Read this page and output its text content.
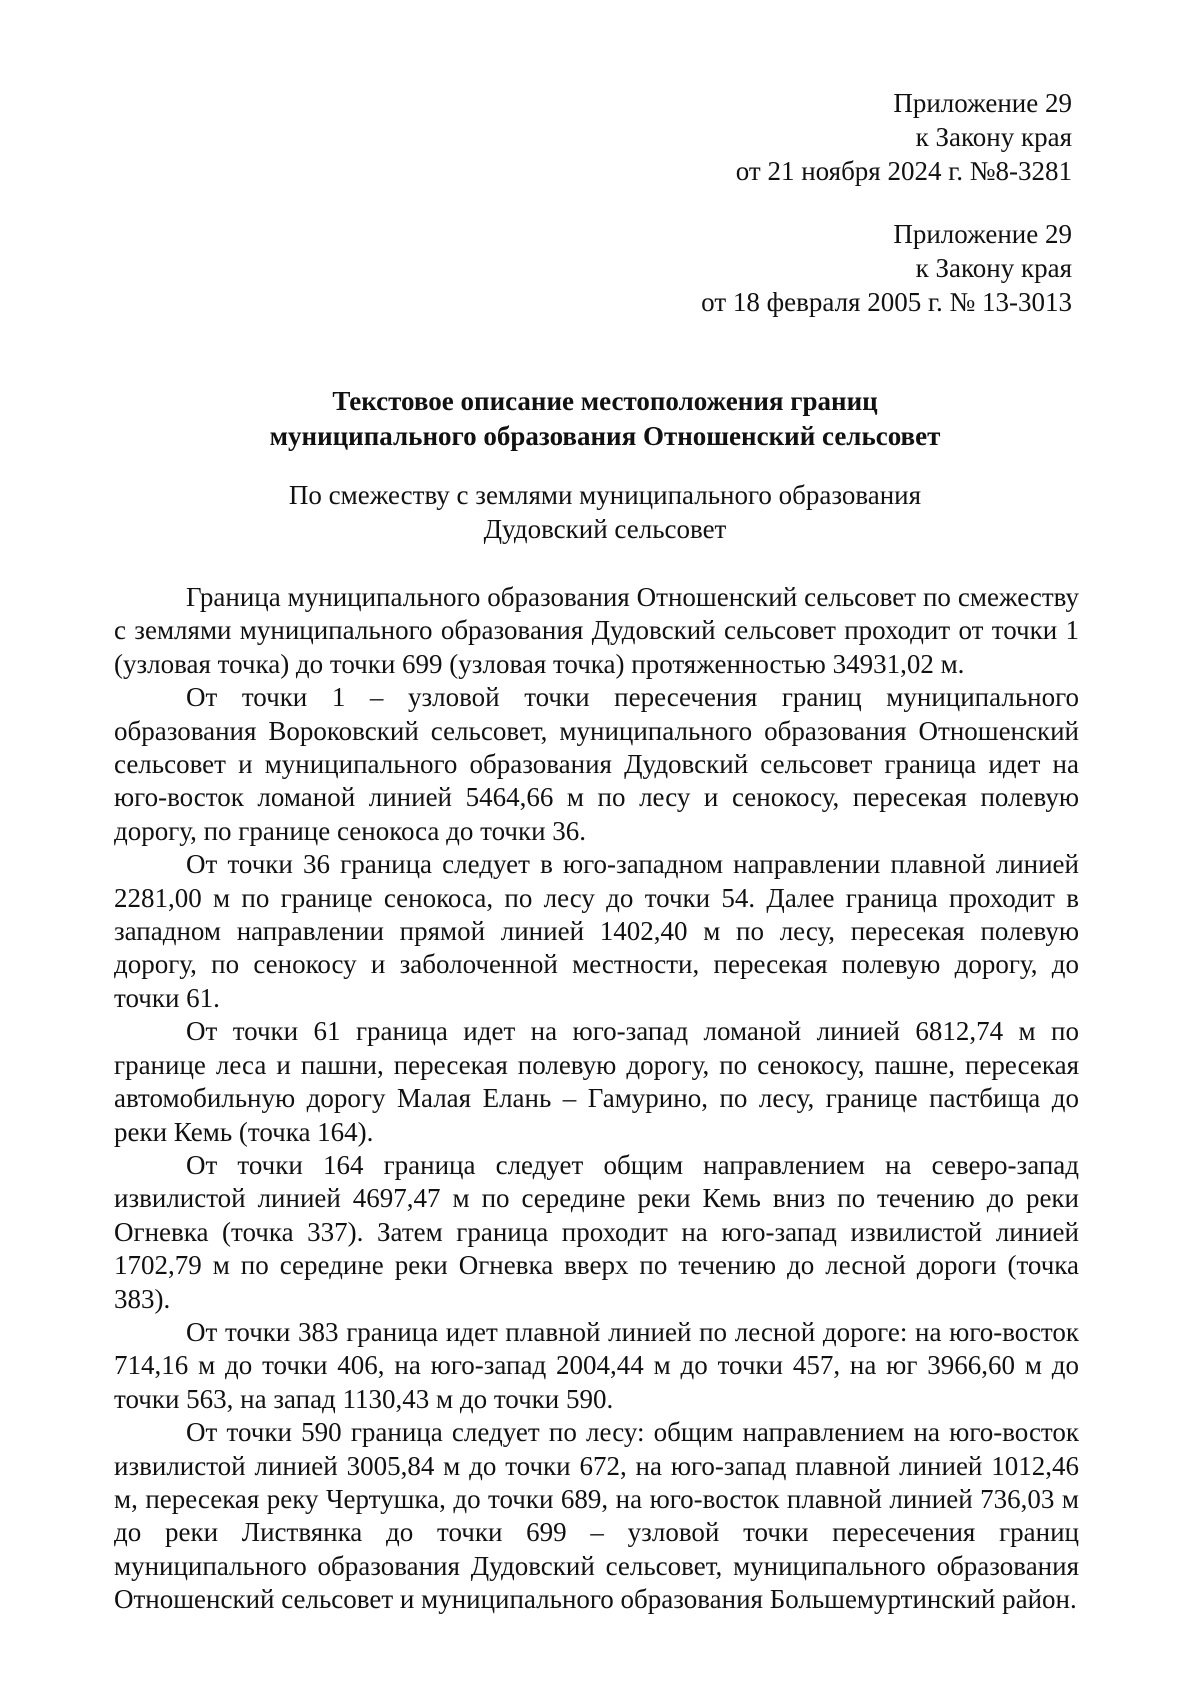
Приложение 29
к Закону края
от 21 ноября 2024 г. №8-3281
Приложение 29
к Закону края
от 18 февраля 2005 г. № 13-3013
Текстовое описание местоположения границ
муниципального образования Отношенский сельсовет
По смежеству с землями муниципального образования
Дудовский сельсовет

Граница муниципального образования Отношенский сельсовет по смежеству с землями муниципального образования Дудовский сельсовет проходит от точки 1 (узловая точка) до точки 699 (узловая точка) протяженностью 34931,02 м.

От точки 1 – узловой точки пересечения границ муниципального образования Вороковский сельсовет, муниципального образования Отношенский сельсовет и муниципального образования Дудовский сельсовет граница идет на юго-восток ломаной линией 5464,66 м по лесу и сенокосу, пересекая полевую дорогу, по границе сенокоса до точки 36.

От точки 36 граница следует в юго-западном направлении плавной линией 2281,00 м по границе сенокоса, по лесу до точки 54. Далее граница проходит в западном направлении прямой линией 1402,40 м по лесу, пересекая полевую дорогу, по сенокосу и заболоченной местности, пересекая полевую дорогу, до точки 61.

От точки 61 граница идет на юго-запад ломаной линией 6812,74 м по границе леса и пашни, пересекая полевую дорогу, по сенокосу, пашне, пересекая автомобильную дорогу Малая Елань – Гамурино, по лесу, границе пастбища до реки Кемь (точка 164).

От точки 164 граница следует общим направлением на северо-запад извилистой линией 4697,47 м по середине реки Кемь вниз по течению до реки Огневка (точка 337). Затем граница проходит на юго-запад извилистой линией 1702,79 м по середине реки Огневка вверх по течению до лесной дороги (точка 383).

От точки 383 граница идет плавной линией по лесной дороге: на юго-восток 714,16 м до точки 406, на юго-запад 2004,44 м до точки 457, на юг 3966,60 м до точки 563, на запад 1130,43 м до точки 590.

От точки 590 граница следует по лесу: общим направлением на юго-восток извилистой линией 3005,84 м до точки 672, на юго-запад плавной линией 1012,46 м, пересекая реку Чертушка, до точки 689, на юго-восток плавной линией 736,03 м до реки Листвянка до точки 699 – узловой точки пересечения границ муниципального образования Дудовский сельсовет, муниципального образования Отношенский сельсовет и муниципального образования Большемуртинский район.
